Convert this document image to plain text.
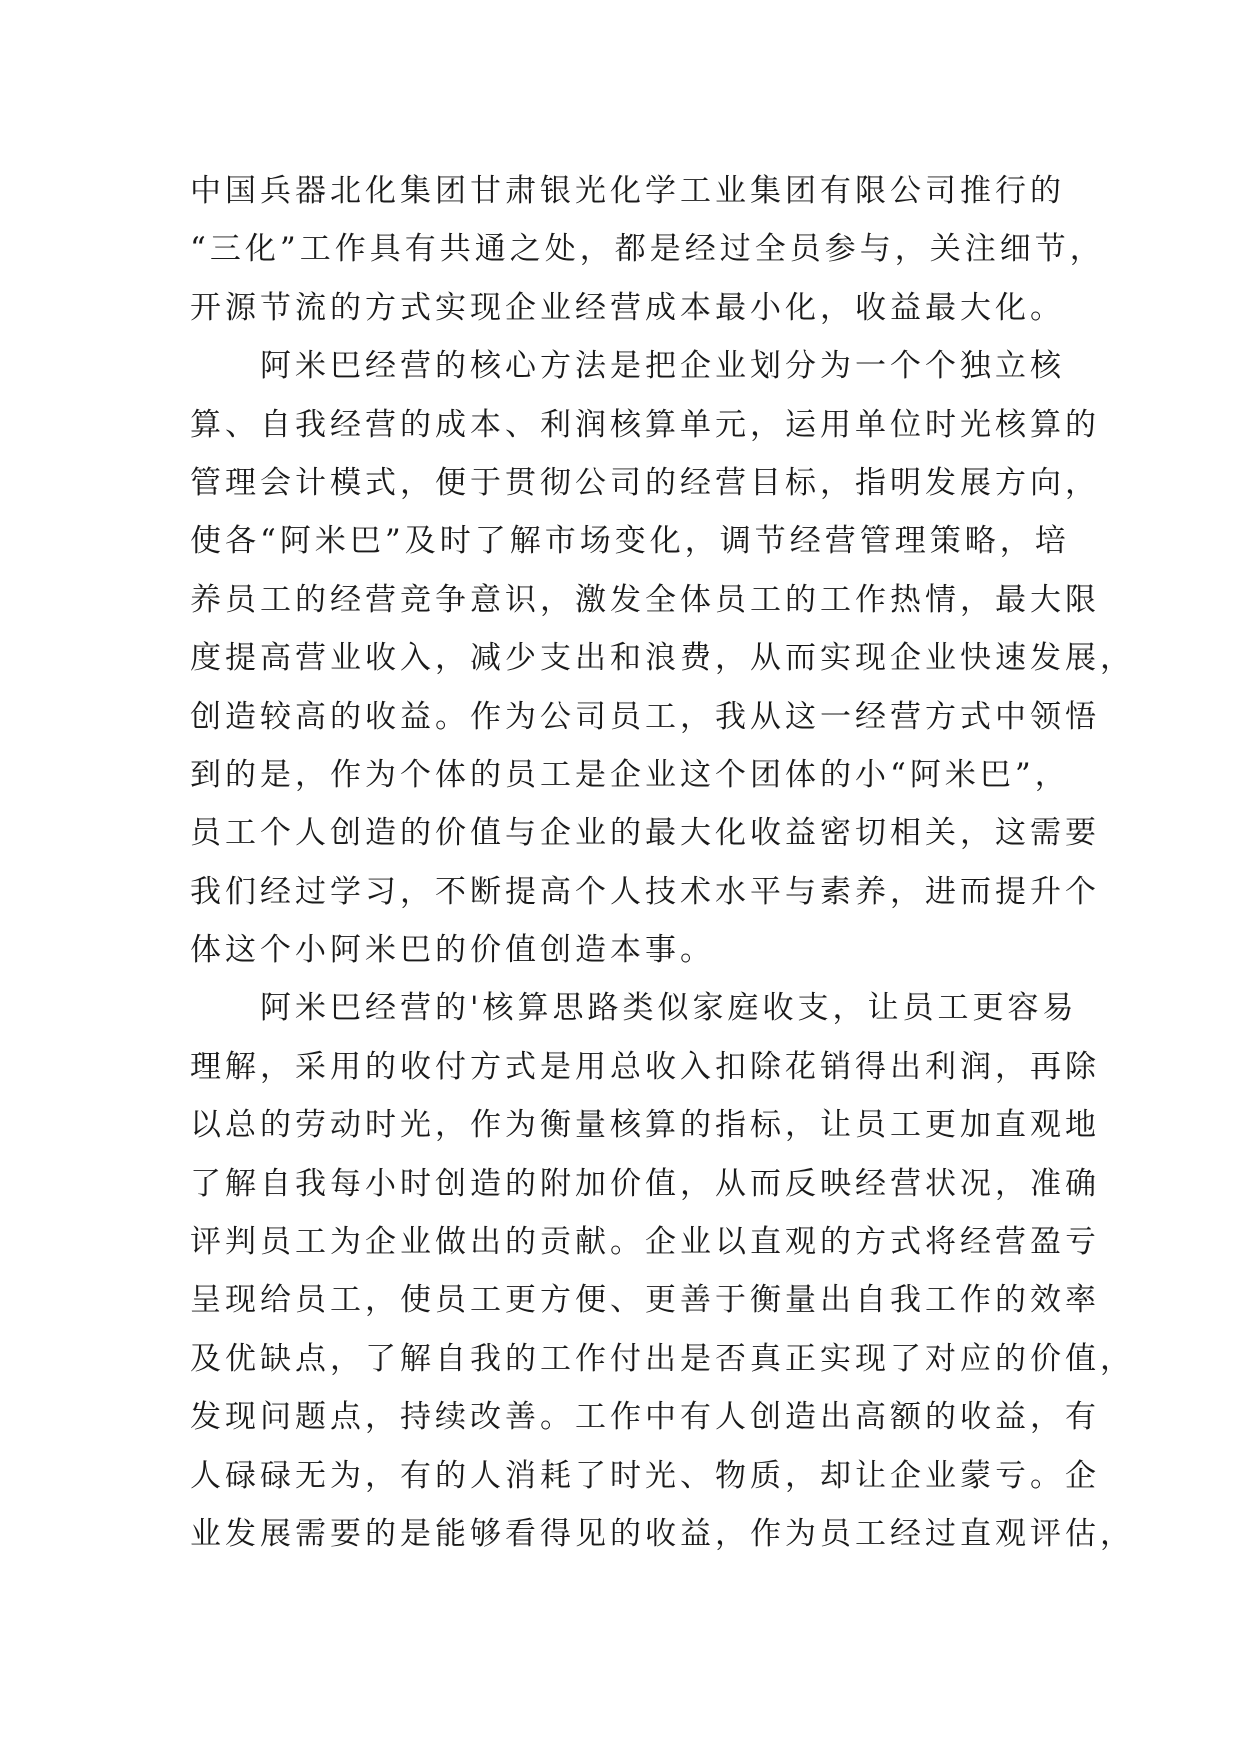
中国兵器北化集团甘肃银光化学工业集团有限公司推行的
“三化”工作具有共通之处，都是经过全员参与，关注细节，
开源节流的方式实现企业经营成本最小化，收益最大化。
阿米巴经营的核心方法是把企业划分为一个个独立核
算、自我经营的成本、利润核算单元，运用单位时光核算的
管理会计模式，便于贯彻公司的经营目标，指明发展方向，
使各“阿米巴”及时了解市场变化，调节经营管理策略，培
养员工的经营竞争意识，激发全体员工的工作热情，最大限
度提高营业收入，减少支出和浪费，从而实现企业快速发展，
创造较高的收益。作为公司员工，我从这一经营方式中领悟
到的是，作为个体的员工是企业这个团体的小“阿米巴”，
员工个人创造的价值与企业的最大化收益密切相关，这需要
我们经过学习，不断提高个人技术水平与素养，进而提升个
体这个小阿米巴的价值创造本事。
阿米巴经营的'核算思路类似家庭收支，让员工更容易
理解，采用的收付方式是用总收入扣除花销得出利润，再除
以总的劳动时光，作为衡量核算的指标，让员工更加直观地
了解自我每小时创造的附加价值，从而反映经营状况，准确
评判员工为企业做出的贡献。企业以直观的方式将经营盈亏
呈现给员工，使员工更方便、更善于衡量出自我工作的效率
及优缺点，了解自我的工作付出是否真正实现了对应的价值，
发现问题点，持续改善。工作中有人创造出高额的收益，有
人碌碌无为，有的人消耗了时光、物质，却让企业蒙亏。企
业发展需要的是能够看得见的收益，作为员工经过直观评估，
